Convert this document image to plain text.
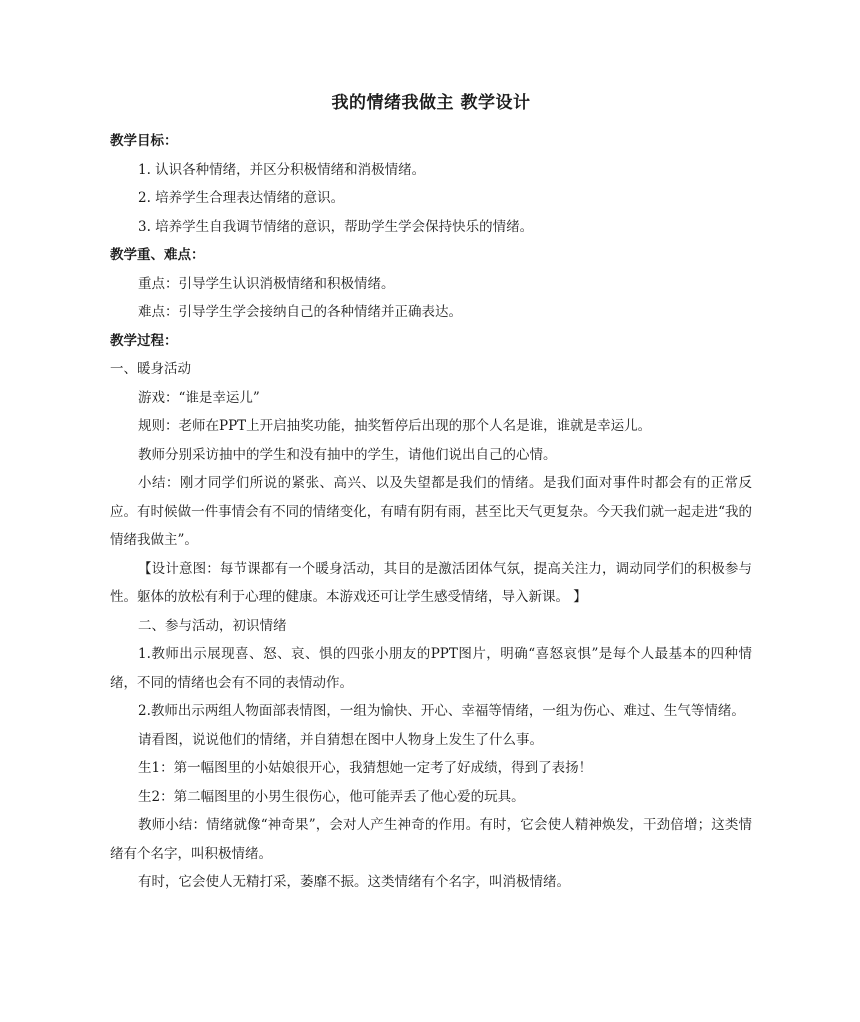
我的情绪我做主 教学设计

教学目标：

1. 认识各种情绪，并区分积极情绪和消极情绪。

2. 培养学生合理表达情绪的意识。

3. 培养学生自我调节情绪的意识，帮助学生学会保持快乐的情绪。

教学重、难点：

重点：引导学生认识消极情绪和积极情绪。

难点：引导学生学会接纳自己的各种情绪并正确表达。

教学过程：

一、暖身活动

游戏：“谁是幸运儿”

规则：老师在PPT上开启抽奖功能，抽奖暂停后出现的那个人名是谁，谁就是幸运儿。

教师分别采访抽中的学生和没有抽中的学生，请他们说出自己的心情。

小结：刚才同学们所说的紧张、高兴、以及失望都是我们的情绪。是我们面对事件时都会有的正常反应。有时候做一件事情会有不同的情绪变化，有晴有阴有雨，甚至比天气更复杂。今天我们就一起走进“我的情绪我做主”。

【设计意图：每节课都有一个暖身活动，其目的是激活团体气氛，提高关注力，调动同学们的积极参与性。躯体的放松有利于心理的健康。本游戏还可让学生感受情绪，导入新课。 】

二、参与活动，初识情绪

1.教师出示展现喜、怒、哀、惧的四张小朋友的PPT图片，明确“喜怒哀惧”是每个人最基本的四种情绪，不同的情绪也会有不同的表情动作。

2.教师出示两组人物面部表情图，一组为愉快、开心、幸福等情绪，一组为伤心、难过、生气等情绪。

请看图，说说他们的情绪，并自猜想在图中人物身上发生了什么事。

生1：第一幅图里的小姑娘很开心，我猜想她一定考了好成绩，得到了表扬！

生2：第二幅图里的小男生很伤心，他可能弄丢了他心爱的玩具。

教师小结：情绪就像“神奇果”，会对人产生神奇的作用。有时，它会使人精神焕发，干劲倍增；这类情绪有个名字，叫积极情绪。

有时，它会使人无精打采，萎靡不振。这类情绪有个名字，叫消极情绪。
